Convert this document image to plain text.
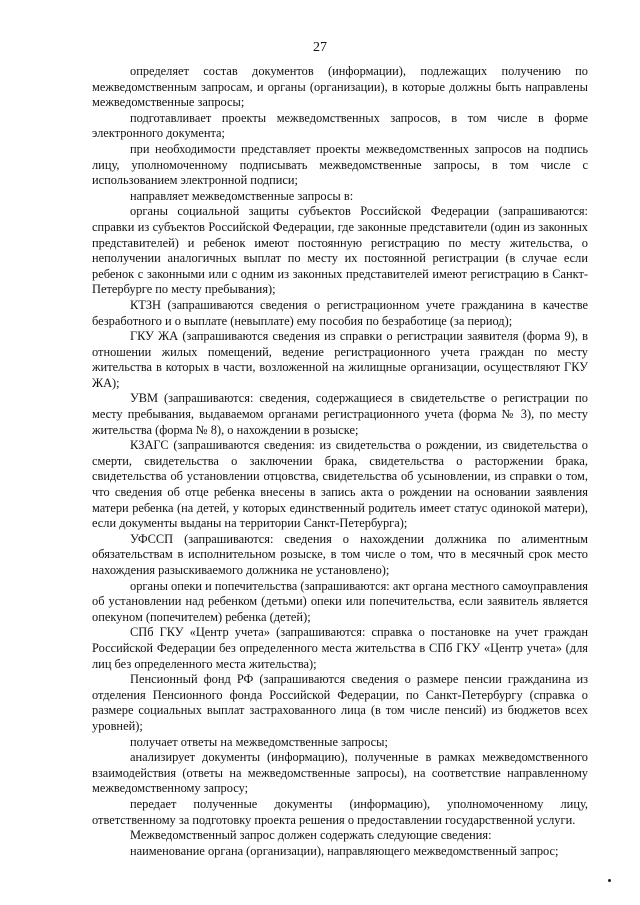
27

определяет состав документов (информации), подлежащих получению по межведомственным запросам, и органы (организации), в которые должны быть направлены межведомственные запросы;

подготавливает проекты межведомственных запросов, в том числе в форме электронного документа;

при необходимости представляет проекты межведомственных запросов на подпись лицу, уполномоченному подписывать межведомственные запросы, в том числе с использованием электронной подписи;

направляет межведомственные запросы в:

органы социальной защиты субъектов Российской Федерации (запрашиваются: справки из субъектов Российской Федерации, где законные представители (один из законных представителей) и ребенок имеют постоянную регистрацию по месту жительства, о неполучении аналогичных выплат по месту их постоянной регистрации (в случае если ребенок с законными или с одним из законных представителей имеют регистрацию в Санкт-Петербурге по месту пребывания);

КТЗН (запрашиваются сведения о регистрационном учете гражданина в качестве безработного и о выплате (невыплате) ему пособия по безработице (за период);

ГКУ ЖА (запрашиваются сведения из справки о регистрации заявителя (форма 9), в отношении жилых помещений, ведение регистрационного учета граждан по месту жительства в которых в части, возложенной на жилищные организации, осуществляют ГКУ ЖА);

УВМ (запрашиваются: сведения, содержащиеся в свидетельстве о регистрации по месту пребывания, выдаваемом органами регистрационного учета (форма № 3), по месту жительства (форма № 8), о нахождении в розыске;

КЗАГС (запрашиваются сведения: из свидетельства о рождении, из свидетельства о смерти, свидетельства о заключении брака, свидетельства о расторжении брака, свидетельства об установлении отцовства, свидетельства об усыновлении, из справки о том, что сведения об отце ребенка внесены в запись акта о рождении на основании заявления матери ребенка (на детей, у которых единственный родитель имеет статус одинокой матери), если документы выданы на территории Санкт-Петербурга);

УФССП (запрашиваются: сведения о нахождении должника по алиментным обязательствам в исполнительном розыске, в том числе о том, что в месячный срок место нахождения разыскиваемого должника не установлено);

органы опеки и попечительства (запрашиваются: акт органа местного самоуправления об установлении над ребенком (детьми) опеки или попечительства, если заявитель является опекуном (попечителем) ребенка (детей);

СПб ГКУ «Центр учета» (запрашиваются: справка о постановке на учет граждан Российской Федерации без определенного места жительства в СПб ГКУ «Центр учета» (для лиц без определенного места жительства);

Пенсионный фонд РФ (запрашиваются сведения о размере пенсии гражданина из отделения Пенсионного фонда Российской Федерации, по Санкт-Петербургу (справка о размере социальных выплат застрахованного лица (в том числе пенсий) из бюджетов всех уровней);

получает ответы на межведомственные запросы;

анализирует документы (информацию), полученные в рамках межведомственного взаимодействия (ответы на межведомственные запросы), на соответствие направленному межведомственному запросу;

передает полученные документы (информацию), уполномоченному лицу, ответственному за подготовку проекта решения о предоставлении государственной услуги.

Межведомственный запрос должен содержать следующие сведения:

наименование органа (организации), направляющего межведомственный запрос;
